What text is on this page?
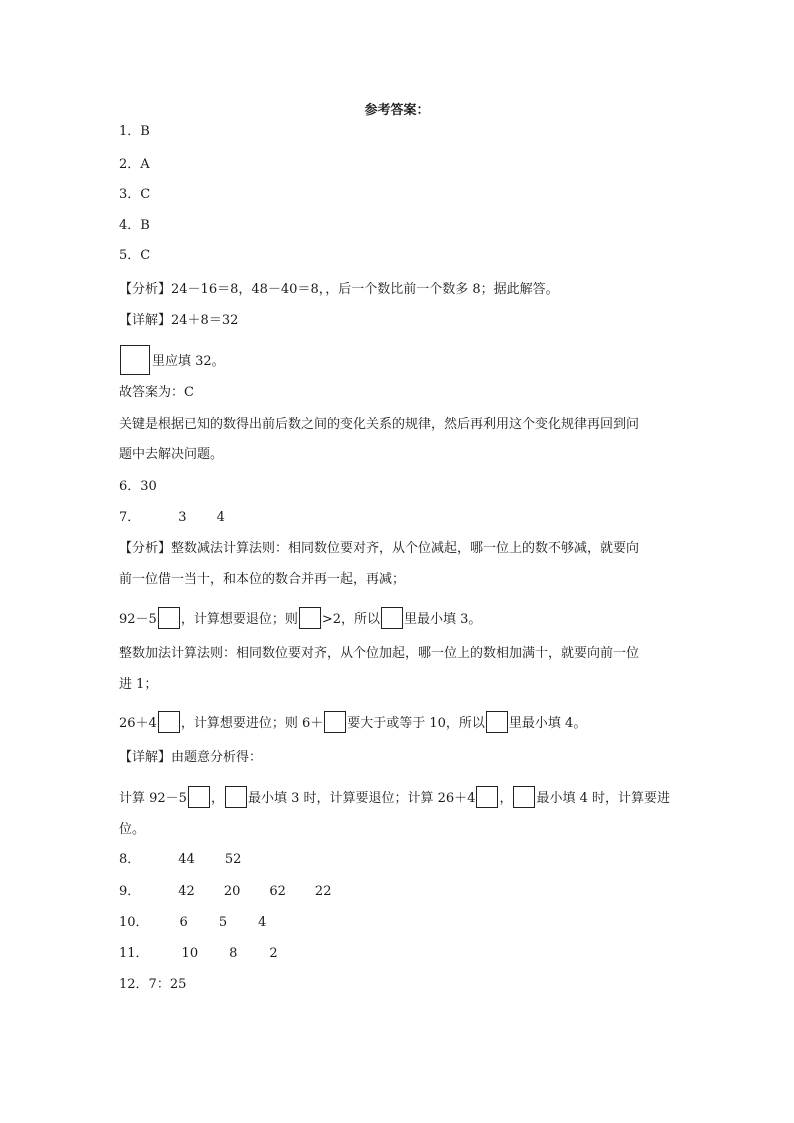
参考答案：
1．B
2．A
3．C
4．B
5．C
【分析】24－16＝8，48－40＝8，，后一个数比前一个数多 8；据此解答。
【详解】24＋8＝32
里应填 32。
故答案为：C
关键是根据已知的数得出前后数之间的变化关系的规律，然后再利用这个变化规律再回到问
题中去解决问题。
6．30
7．	3 4
【分析】整数减法计算法则：相同数位要对齐，从个位减起，哪一位上的数不够减，就要向
前一位借一当十，和本位的数合并再一起，再减；
92－5 ，计算想要退位；则 >2，所以 里最小填 3。
整数加法计算法则：相同数位要对齐，从个位加起，哪一位上的数相加满十，就要向前一位
进 1；
26＋4 ，计算想要进位；则 6＋ 要大于或等于 10，所以 里最小填 4。
【详解】由题意分析得：
计算 92－5 ， 最小填 3 时，计算要退位；计算 26＋4 ， 最小填 4 时，计算要进
位。
8．	44 52
9．	42 20 62 22
10． 6 5 4
11．	10 8 2
12．7：25
